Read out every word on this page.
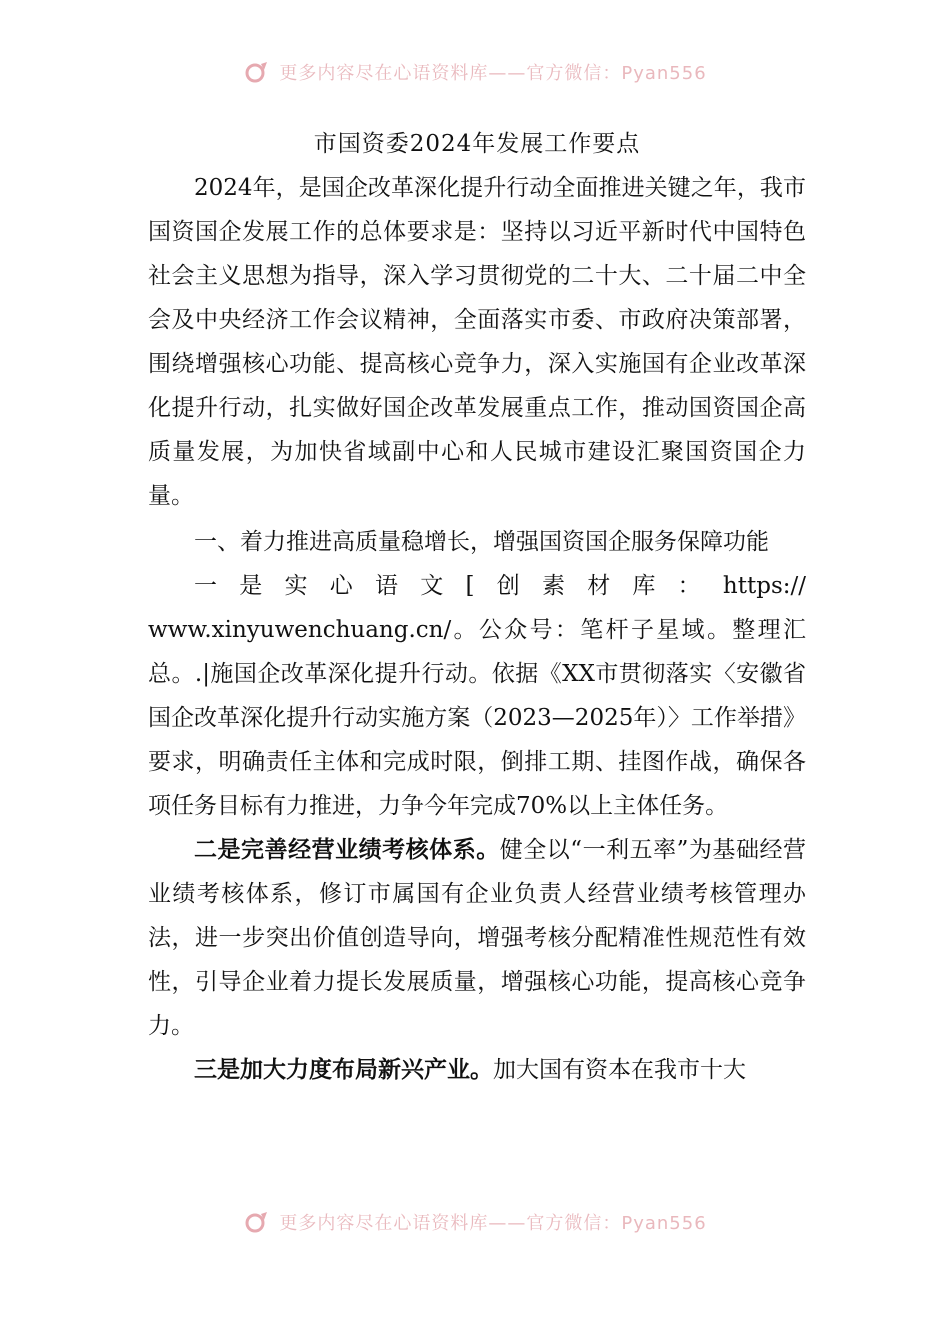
更多内容尽在心语资料库——官方微信：Pyan556
市国资委2024年发展工作要点

2024年，是国企改革深化提升行动全面推进关键之年，我市国资国企发展工作的总体要求是：坚持以习近平新时代中国特色社会主义思想为指导，深入学习贯彻党的二十大、二十届二中全会及中央经济工作会议精神，全面落实市委、市政府决策部署，围绕增强核心功能、提高核心竞争力，深入实施国有企业改革深化提升行动，扎实做好国企改革发展重点工作，推动国资国企高质量发展，为加快省域副中心和人民城市建设汇聚国资国企力量。

一、着力推进高质量稳增长，增强国资国企服务保障功能

一是实心语文[创素材库：https://

www.xinyuwenchuang.cn/。公众号：笔杆子星域。整理汇总。.|施国企改革深化提升行动。依据《XX市贯彻落实〈安徽省国企改革深化提升行动实施方案（2023—2025年）〉工作举措》要求，明确责任主体和完成时限，倒排工期、挂图作战，确保各项任务目标有力推进，力争今年完成70%以上主体任务。

二是完善经营业绩考核体系。健全以“一利五率”为基础经营业绩考核体系，修订市属国有企业负责人经营业绩考核管理办法，进一步突出价值创造导向，增强考核分配精准性规范性有效性，引导企业着力提长发展质量，增强核心功能，提高核心竞争力。

三是加大力度布局新兴产业。加大国有资本在我市十大

更多内容尽在心语资料库——官方微信：Pyan556
